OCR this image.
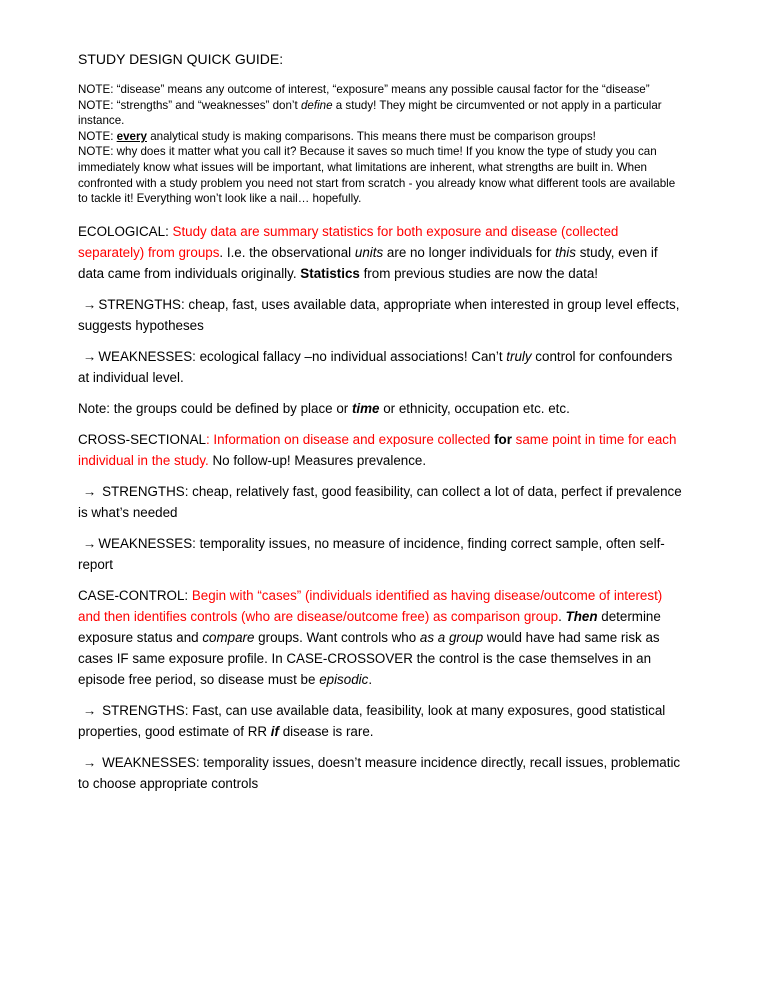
STUDY DESIGN QUICK GUIDE:

NOTE: “disease” means any outcome of interest, “exposure” means any possible causal factor for the “disease”

NOTE: “strengths” and “weaknesses” don’t define a study! They might be circumvented or not apply in a particular instance.

NOTE: every analytical study is making comparisons. This means there must be comparison groups!

NOTE: why does it matter what you call it? Because it saves so much time! If you know the type of study you can immediately know what issues will be important, what limitations are inherent, what strengths are built in. When confronted with a study problem you need not start from scratch - you already know what different tools are available to tackle it! Everything won’t look like a nail… hopefully.

ECOLOGICAL: Study data are summary statistics for both exposure and disease (collected separately) from groups. I.e. the observational units are no longer individuals for this study, even if data came from individuals originally. Statistics from previous studies are now the data!
→ STRENGTHS: cheap, fast, uses available data, appropriate when interested in group level effects, suggests hypotheses
→ WEAKNESSES: ecological fallacy –no individual associations! Can’t truly control for confounders at individual level.
Note: the groups could be defined by place or time or ethnicity, occupation etc. etc.
CROSS-SECTIONAL: Information on disease and exposure collected for same point in time for each individual in the study. No follow-up! Measures prevalence.
→ STRENGTHS: cheap, relatively fast, good feasibility, can collect a lot of data, perfect if prevalence is what’s needed
→ WEAKNESSES: temporality issues, no measure of incidence, finding correct sample, often self-report
CASE-CONTROL: Begin with “cases” (individuals identified as having disease/outcome of interest) and then identifies controls (who are disease/outcome free) as comparison group. Then determine exposure status and compare groups. Want controls who as a group would have had same risk as cases IF same exposure profile. In CASE-CROSSOVER the control is the case themselves in an episode free period, so disease must be episodic.
→ STRENGTHS: Fast, can use available data, feasibility, look at many exposures, good statistical properties, good estimate of RR if disease is rare.
→ WEAKNESSES: temporality issues, doesn’t measure incidence directly, recall issues, problematic to choose appropriate controls
